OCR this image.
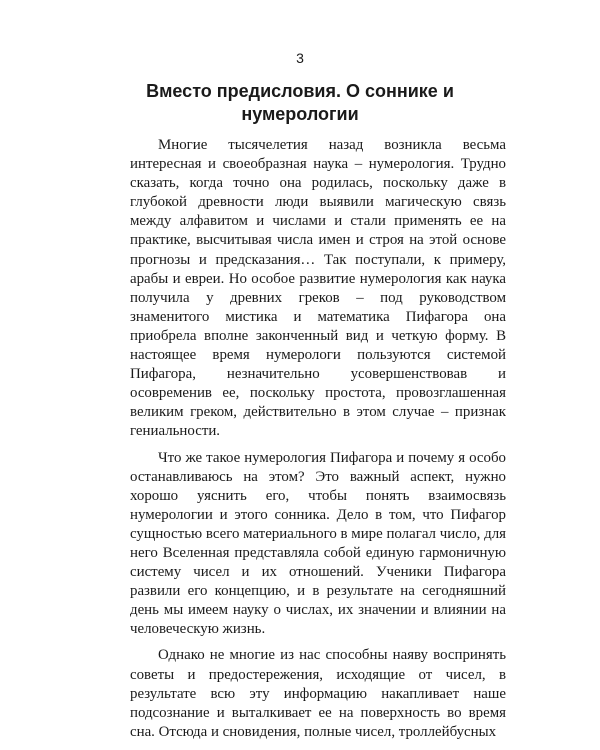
3
Вместо предисловия. О соннике и нумерологии

Многие тысячелетия назад возникла весьма интересная и своеобразная наука – нумерология. Трудно сказать, когда точно она родилась, поскольку даже в глубокой древности люди выявили магическую связь между алфавитом и числами и стали применять ее на практике, высчитывая числа имен и строя на этой основе прогнозы и предсказания… Так поступали, к примеру, арабы и евреи. Но особое развитие нумерология как наука получила у древних греков – под руководством знаменитого мистика и математика Пифагора она приобрела вполне законченный вид и четкую форму. В настоящее время нумерологи пользуются системой Пифагора, незначительно усовершенствовав и осовременив ее, поскольку простота, провозглашенная великим греком, действительно в этом случае – признак гениальности.

Что же такое нумерология Пифагора и почему я особо останавливаюсь на этом? Это важный аспект, нужно хорошо уяснить его, чтобы понять взаимосвязь нумерологии и этого сонника. Дело в том, что Пифагор сущностью всего материального в мире полагал число, для него Вселенная представляла собой единую гармоничную систему чисел и их отношений. Ученики Пифагора развили его концепцию, и в результате на сегодняшний день мы имеем науку о числах, их значении и влиянии на человеческую жизнь.

Однако не многие из нас способны наяву воспринять советы и предостережения, исходящие от чисел, в результате всю эту информацию накапливает наше подсознание и выталкивает ее на поверхность во время сна. Отсюда и сновидения, полные чисел, троллейбусных
